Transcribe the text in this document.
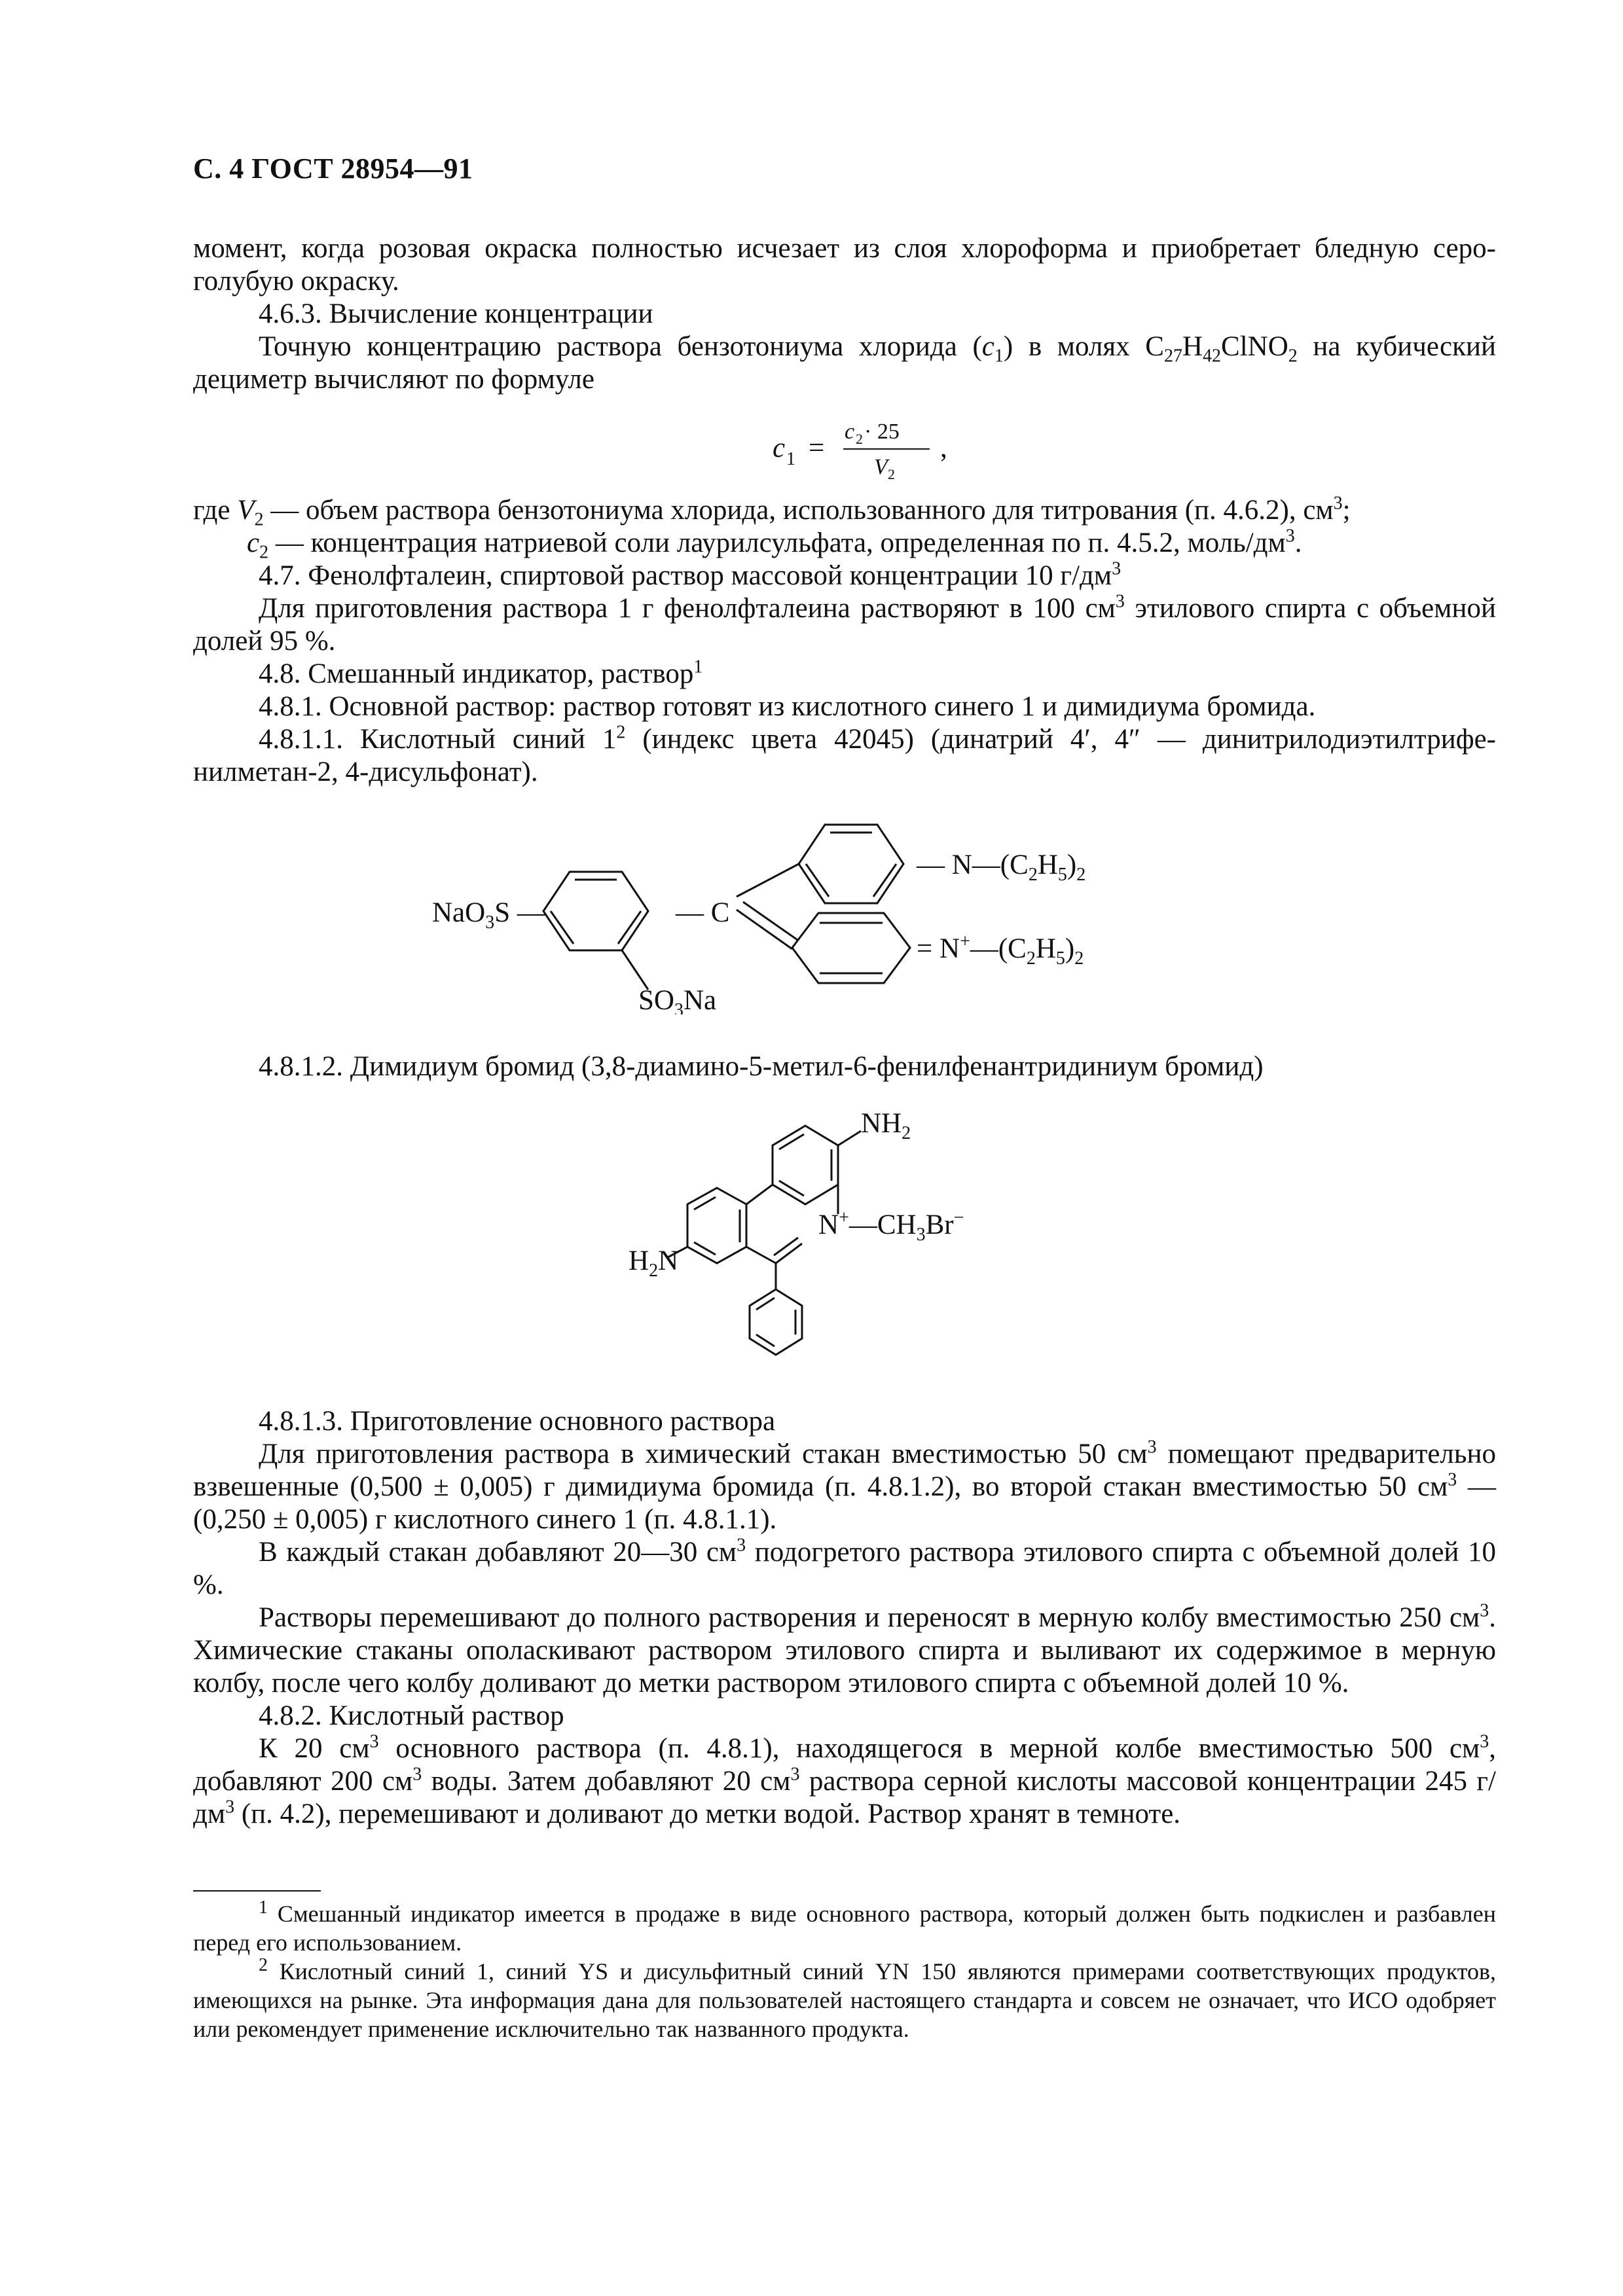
С. 4 ГОСТ 28954—91

момент, когда розовая окраска полностью исчезает из слоя хлороформа и приобретает бледную серо-голубую окраску.

4.6.3. Вычисление концентрации

Точную концентрацию раствора бензотониума хлорида $(c_1)$ в молях $C_{27}H_{42}ClNO_2$ на кубический дециметр вычисляют по формуле

c 1 =
c 2 · 25
V 2
,

где $V_2$ — объем раствора бензотониума хлорида, использованного для титрования (п. 4.6.2), $см^3$;

$c_2$ — концентрация натриевой соли лаурилсульфата, определенная по п. 4.5.2, моль/$дм^3$.

4.7. Фенолфталеин, спиртовой раствор массовой концентрации 10 $г/дм^3$

Для приготовления раствора 1 г фенолфталеина растворяют в 100 $см^3$ этилового спирта с объемной долей 95 %.

4.8. Смешанный индикатор, раствор$^1$

4.8.1. Основной раствор: раствор готовят из кислотного синего 1 и димидиума бромида.

4.8.1.1. Кислотный синий $1^2$ (индекс цвета 42045) (динатрий 4′, 4″ — динитрилодиэтилтрифенилметан-2, 4-дисульфонат).

NaO$_3$S —	— C
$SO_3Na$
— $N—(C_2H_5)_2$
= $N^+—(C_2H_5)_2$

4.8.1.2. Димидиум бромид (3,8-диамино-5-метил-6-фенилфенантридиниум бромид)

$NH_2$
$N^+—CH_3Br^-$
$H_2N$

4.8.1.3. Приготовление основного раствора

Для приготовления раствора в химический стакан вместимостью 50 $см^3$ помещают предварительно взвешенные (0,500 ± 0,005) г димидиума бромида (п. 4.8.1.2), во второй стакан вместимостью 50 $см^3$ — (0,250 ± 0,005) г кислотного синего 1 (п. 4.8.1.1).

В каждый стакан добавляют 20—30 $см^3$ подогретого раствора этилового спирта с объемной долей 10 %.

Растворы перемешивают до полного растворения и переносят в мерную колбу вместимостью 250 $см^3$. Химические стаканы ополаскивают раствором этилового спирта и выливают их содержимое в мерную колбу, после чего колбу доливают до метки раствором этилового спирта с объемной долей 10 %.

4.8.2. Кислотный раствор

К 20 $см^3$ основного раствора (п. 4.8.1), находящегося в мерной колбе вместимостью 500 $см^3$, добавляют 200 $см^3$ воды. Затем добавляют 20 $см^3$ раствора серной кислоты массовой концентрации 245 $г/дм^3$ (п. 4.2), перемешивают и доливают до метки водой. Раствор хранят в темноте.

$^1$ Смешанный индикатор имеется в продаже в виде основного раствора, который должен быть подкислен и разбавлен перед его использованием.

$^2$ Кислотный синий 1, синий YS и дисульфитный синий YN 150 являются примерами соответствующих продуктов, имеющихся на рынке. Эта информация дана для пользователей настоящего стандарта и совсем не означает, что ИСО одобряет или рекомендует применение исключительно так названного продукта.
